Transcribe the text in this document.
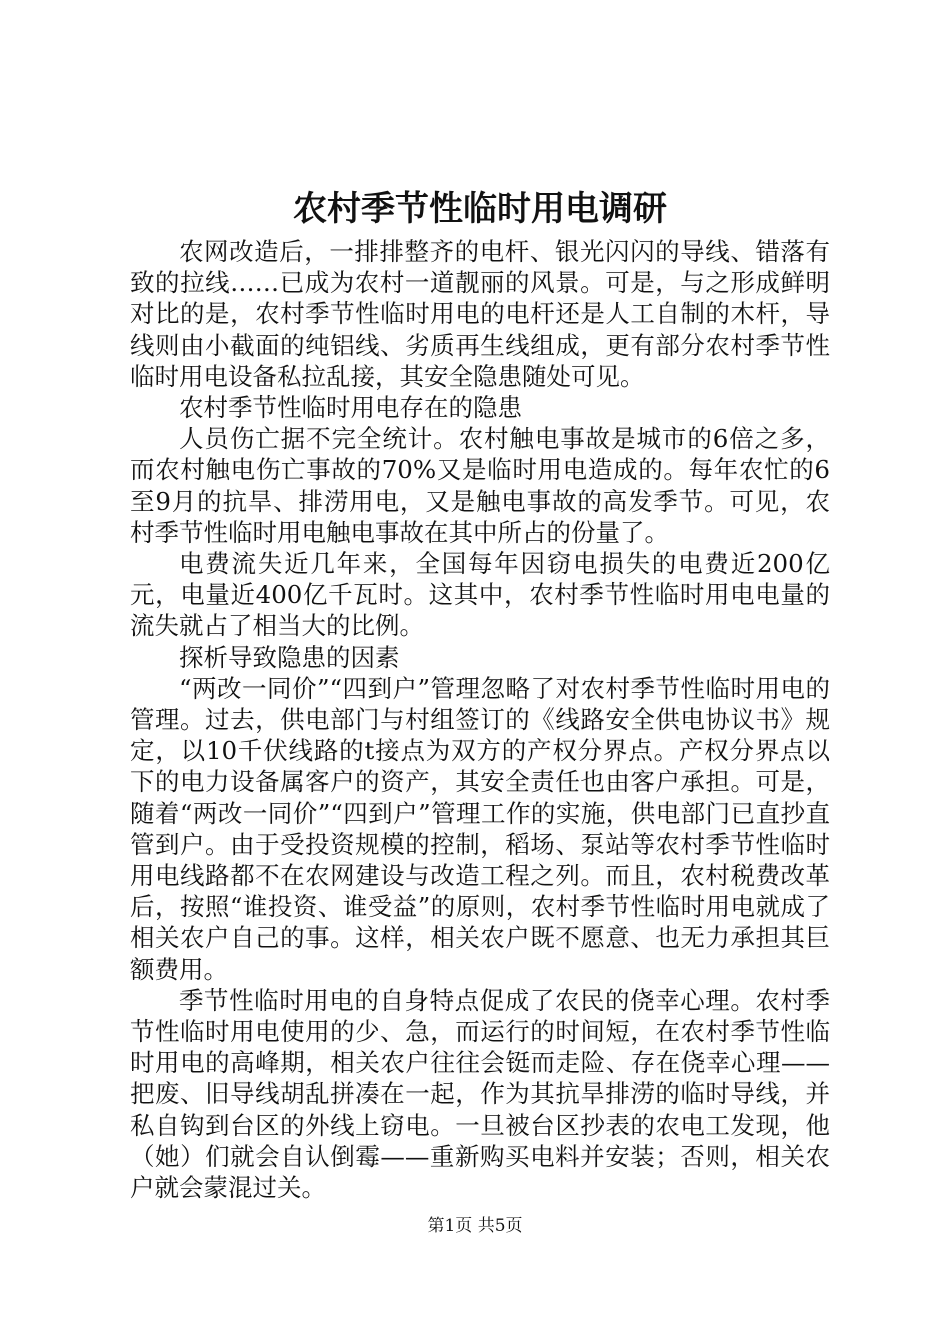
农村季节性临时用电调研

农网改造后，一排排整齐的电杆、银光闪闪的导线、错落有致的拉线……已成为农村一道靓丽的风景。可是，与之形成鲜明对比的是，农村季节性临时用电的电杆还是人工自制的木杆，导线则由小截面的纯铝线、劣质再生线组成，更有部分农村季节性临时用电设备私拉乱接，其安全隐患随处可见。

农村季节性临时用电存在的隐患

人员伤亡据不完全统计。农村触电事故是城市的6倍之多，而农村触电伤亡事故的70%又是临时用电造成的。每年农忙的6至9月的抗旱、排涝用电，又是触电事故的高发季节。可见，农村季节性临时用电触电事故在其中所占的份量了。

电费流失近几年来，全国每年因窃电损失的电费近200亿元，电量近400亿千瓦时。这其中，农村季节性临时用电电量的流失就占了相当大的比例。

探析导致隐患的因素

“两改一同价”“四到户”管理忽略了对农村季节性临时用电的管理。过去，供电部门与村组签订的《线路安全供电协议书》规定，以10千伏线路的t接点为双方的产权分界点。产权分界点以下的电力设备属客户的资产，其安全责任也由客户承担。可是，随着“两改一同价”“四到户”管理工作的实施，供电部门已直抄直管到户。由于受投资规模的控制，稻场、泵站等农村季节性临时用电线路都不在农网建设与改造工程之列。而且，农村税费改革后，按照“谁投资、谁受益”的原则，农村季节性临时用电就成了相关农户自己的事。这样，相关农户既不愿意、也无力承担其巨额费用。

季节性临时用电的自身特点促成了农民的侥幸心理。农村季节性临时用电使用的少、急，而运行的时间短，在农村季节性临时用电的高峰期，相关农户往往会铤而走险、存在侥幸心理——把废、旧导线胡乱拼凑在一起，作为其抗旱排涝的临时导线，并私自钩到台区的外线上窃电。一旦被台区抄表的农电工发现，他（她）们就会自认倒霉——重新购买电料并安装；否则，相关农户就会蒙混过关。

第1页 共5页
